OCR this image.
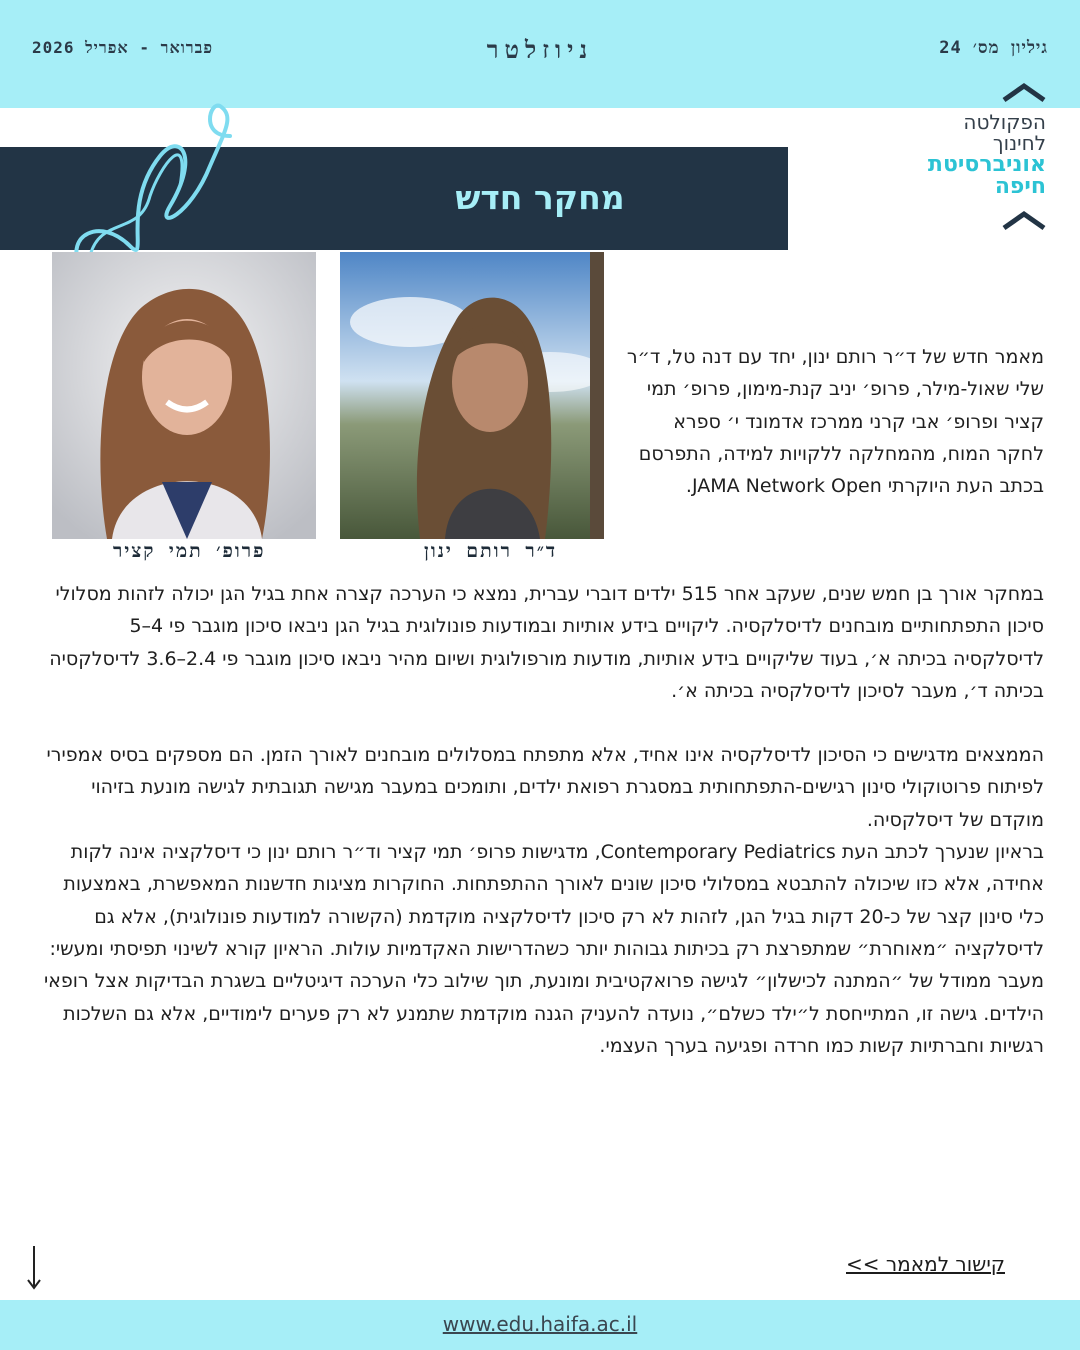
גיליון מס׳ 24
ניוזלטר
פברואר - אפריל 2026
הפקולטה לחינוך
אוניברסיטת חיפה
מחקר חדש
ד״ר רותם ינון
פרופ׳ תמי קציר
מאמר חדש של ד״ר רותם ינון, יחד עם דנה טל, ד״ר שלי שאול-מילר, פרופ׳ יניב קנת-מימון, פרופ׳ תמי קציר ופרופ׳ אבי קרני ממרכז אדמונד י׳ ספרא לחקר המוח, מהמחלקה ללקויות למידה, התפרסם בכתב העת היוקרתי JAMA Network Open.

במחקר אורך בן חמש שנים, שעקב אחר 515 ילדים דוברי עברית, נמצא כי הערכה קצרה אחת בגיל הגן יכולה לזהות מסלולי סיכון התפתחותיים מובחנים לדיסלקסיה. ליקויים בידע אותיות ובמודעות פונולוגית בגיל הגן ניבאו סיכון מוגבר פי 4–5 לדיסלקסיה בכיתה א׳, בעוד שליקויים בידע אותיות, מודעות מורפולוגית ושיום מהיר ניבאו סיכון מוגבר פי 2.4–3.6 לדיסלקסיה בכיתה ד׳, מעבר לסיכון לדיסלקסיה בכיתה א׳.

הממצאים מדגישים כי הסיכון לדיסלקסיה אינו אחיד, אלא מתפתח במסלולים מובחנים לאורך הזמן. הם מספקים בסיס אמפירי לפיתוח פרוטוקולי סינון רגישים-התפתחותית במסגרת רפואת ילדים, ותומכים במעבר מגישה תגובתית לגישה מונעת בזיהוי מוקדם של דיסלקסיה.

בראיון שנערך לכתב העת Contemporary Pediatrics, מדגישות פרופ׳ תמי קציר וד״ר רותם ינון כי דיסלקציה אינה לקות אחידה, אלא כזו שיכולה להתבטא במסלולי סיכון שונים לאורך ההתפתחות. החוקרות מציגות חדשנות המאפשרת, באמצעות כלי סינון קצר של כ-20 דקות בגיל הגן, לזהות לא רק סיכון לדיסלקציה מוקדמת (הקשורה למודעות פונולוגית), אלא גם לדיסלקציה ״מאוחרת״ שמתפרצת רק בכיתות גבוהות יותר כשהדרישות האקדמיות עולות. הראיון קורא לשינוי תפיסתי ומעשי: מעבר ממודל של ״המתנה לכישלון״ לגישה פרואקטיבית ומונעת, תוך שילוב כלי הערכה דיגיטליים בשגרת הבדיקות אצל רופאי הילדים. גישה זו, המתייחסת ל״ילד כשלם״, נועדה להעניק הגנה מוקדמת שתמנע לא רק פערים לימודיים, אלא גם השלכות רגשיות וחברתיות קשות כמו חרדה ופגיעה בערך העצמי.

קישור למאמר >>
www.edu.haifa.ac.il
